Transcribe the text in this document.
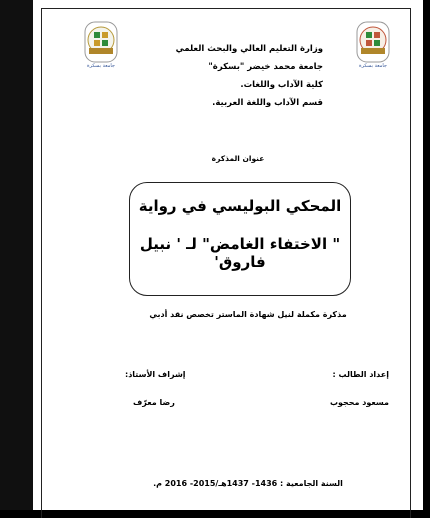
جامعة بسكرة	جامعة بسكرة
وزارة التعليم العالي والبحث العلمي
جامعة محمد خيضر "بسكرة"
كلية الآداب واللغات.
قسم الآداب واللغة العربية.
عنوان المذكرة
المحكي البوليسي في رواية
" الاختفاء الغامض" لـ ' نبيل فاروق'
مذكرة مكملة لنيل شهادة الماستر تخصص نقد أدبي
إعداد الطالب :
مسعود محجوب
إشراف الأستاذ:
رضا معرّف
السنة الجامعية : 1436- 1437هـ/2015- 2016 م.
